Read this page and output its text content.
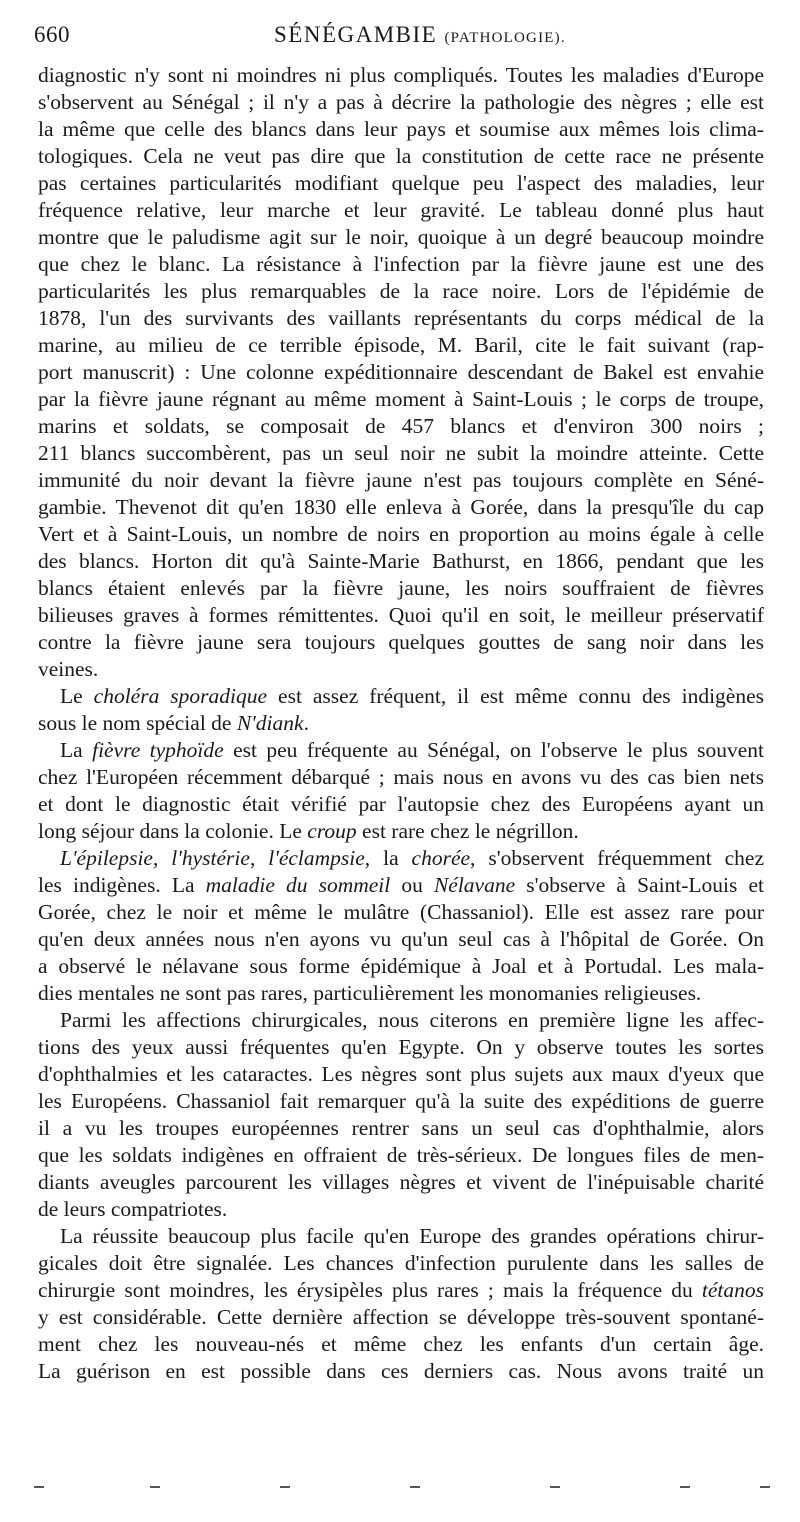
660	SÉNÉGAMBIE (PATHOLOGIE).
diagnostic n'y sont ni moindres ni plus compliqués. Toutes les maladies d'Europe
s'observent au Sénégal ; il n'y a pas à décrire la pathologie des nègres ; elle est
la même que celle des blancs dans leur pays et soumise aux mêmes lois clima-
tologiques. Cela ne veut pas dire que la constitution de cette race ne présente
pas certaines particularités modifiant quelque peu l'aspect des maladies, leur
fréquence relative, leur marche et leur gravité. Le tableau donné plus haut
montre que le paludisme agit sur le noir, quoique à un degré beaucoup moindre
que chez le blanc. La résistance à l'infection par la fièvre jaune est une des
particularités les plus remarquables de la race noire. Lors de l'épidémie de
1878, l'un des survivants des vaillants représentants du corps médical de la
marine, au milieu de ce terrible épisode, M. Baril, cite le fait suivant (rap-
port manuscrit) : Une colonne expéditionnaire descendant de Bakel est envahie
par la fièvre jaune régnant au même moment à Saint-Louis ; le corps de troupe,
marins et soldats, se composait de 457 blancs et d'environ 300 noirs ;
211 blancs succombèrent, pas un seul noir ne subit la moindre atteinte. Cette
immunité du noir devant la fièvre jaune n'est pas toujours complète en Séné-
gambie. Thevenot dit qu'en 1830 elle enleva à Gorée, dans la presqu'île du cap
Vert et à Saint-Louis, un nombre de noirs en proportion au moins égale à celle
des blancs. Horton dit qu'à Sainte-Marie Bathurst, en 1866, pendant que les
blancs étaient enlevés par la fièvre jaune, les noirs souffraient de fièvres
bilieuses graves à formes rémittentes. Quoi qu'il en soit, le meilleur préservatif
contre la fièvre jaune sera toujours quelques gouttes de sang noir dans les
veines.
Le choléra sporadique est assez fréquent, il est même connu des indigènes
sous le nom spécial de N'diank.
La fièvre typhoïde est peu fréquente au Sénégal, on l'observe le plus souvent
chez l'Européen récemment débarqué ; mais nous en avons vu des cas bien nets
et dont le diagnostic était vérifié par l'autopsie chez des Européens ayant un
long séjour dans la colonie. Le croup est rare chez le négrillon.
L'épilepsie, l'hystérie, l'éclampsie, la chorée, s'observent fréquemment chez
les indigènes. La maladie du sommeil ou Nélavane s'observe à Saint-Louis et
Gorée, chez le noir et même le mulâtre (Chassaniol). Elle est assez rare pour
qu'en deux années nous n'en ayons vu qu'un seul cas à l'hôpital de Gorée. On
a observé le nélavane sous forme épidémique à Joal et à Portudal. Les mala-
dies mentales ne sont pas rares, particulièrement les monomanies religieuses.
Parmi les affections chirurgicales, nous citerons en première ligne les affec-
tions des yeux aussi fréquentes qu'en Egypte. On y observe toutes les sortes
d'ophthalmies et les cataractes. Les nègres sont plus sujets aux maux d'yeux que
les Européens. Chassaniol fait remarquer qu'à la suite des expéditions de guerre
il a vu les troupes européennes rentrer sans un seul cas d'ophthalmie, alors
que les soldats indigènes en offraient de très-sérieux. De longues files de men-
diants aveugles parcourent les villages nègres et vivent de l'inépuisable charité
de leurs compatriotes.
La réussite beaucoup plus facile qu'en Europe des grandes opérations chirur-
gicales doit être signalée. Les chances d'infection purulente dans les salles de
chirurgie sont moindres, les érysipèles plus rares ; mais la fréquence du tétanos
y est considérable. Cette dernière affection se développe très-souvent spontané-
ment chez les nouveau-nés et même chez les enfants d'un certain âge.
La guérison en est possible dans ces derniers cas. Nous avons traité un
